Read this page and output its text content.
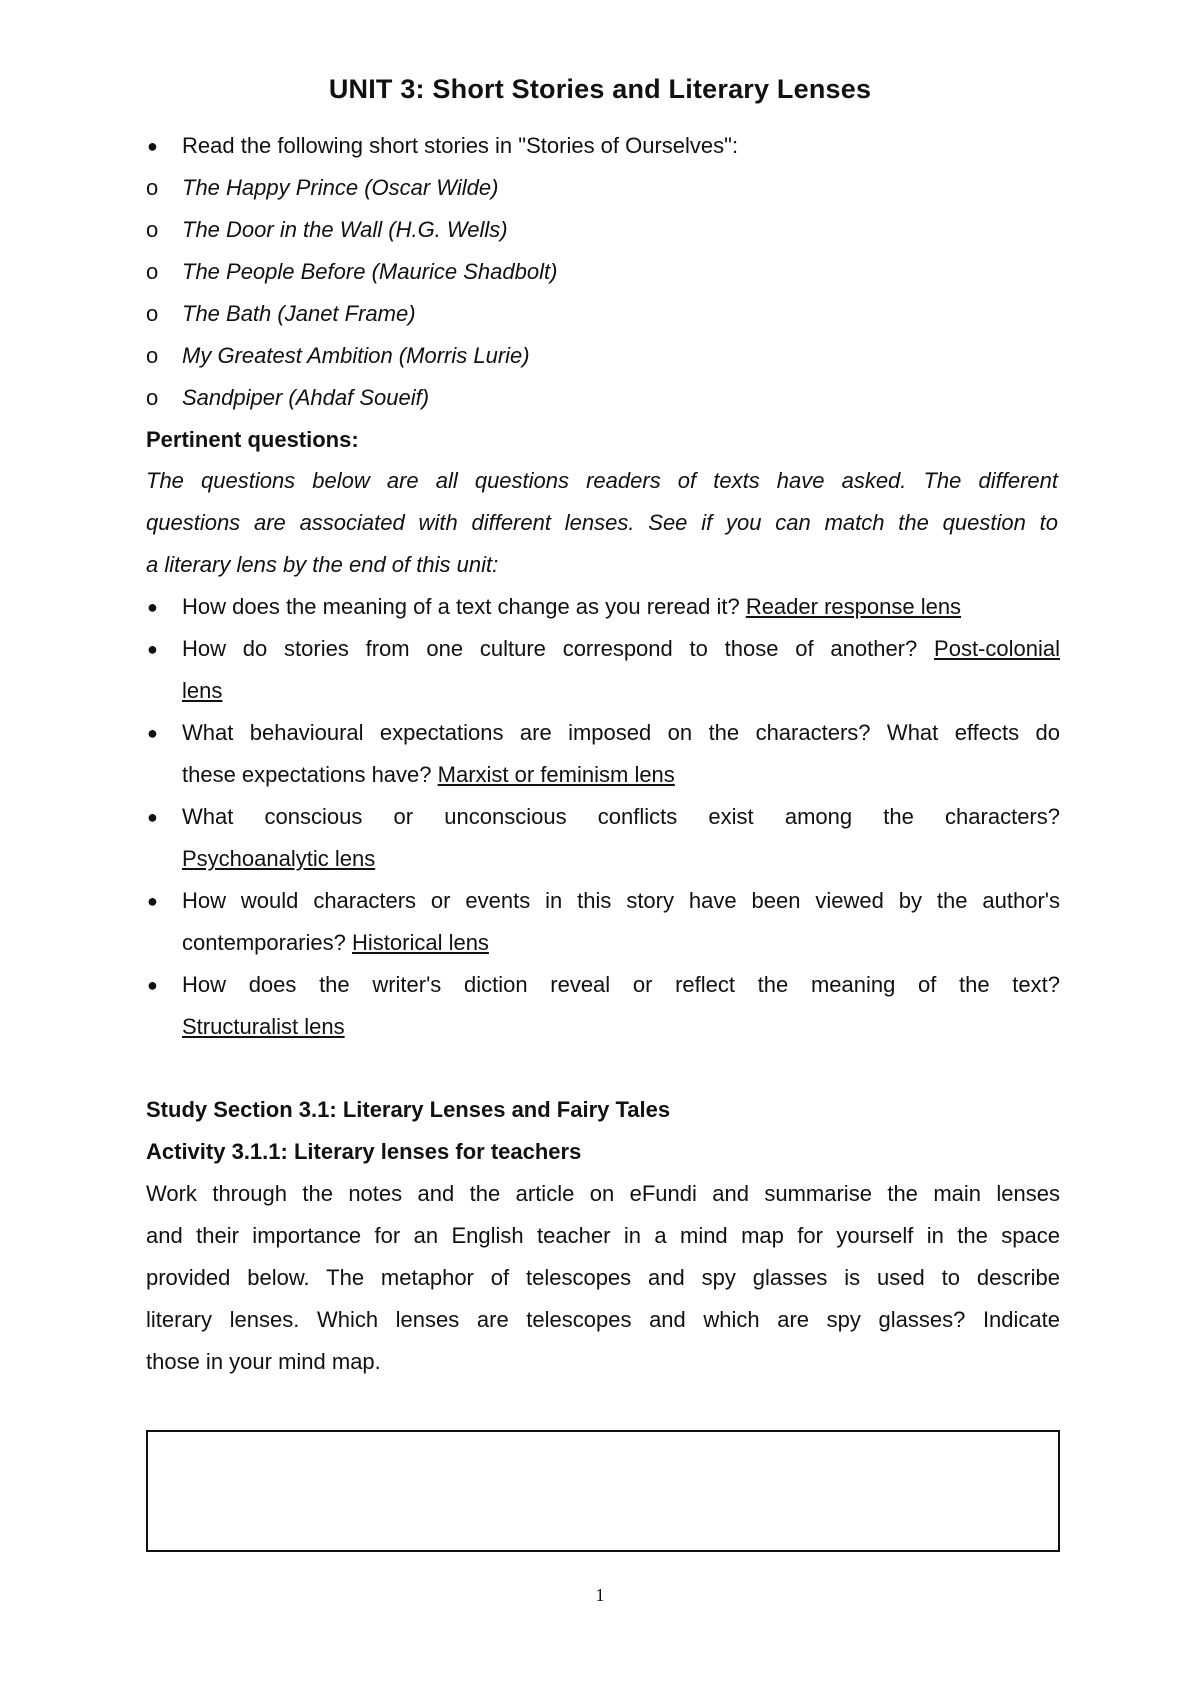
UNIT 3: Short Stories and Literary Lenses
● Read the following short stories in "Stories of Ourselves":
o The Happy Prince (Oscar Wilde)
o The Door in the Wall (H.G. Wells)
o The People Before (Maurice Shadbolt)
o The Bath (Janet Frame)
o My Greatest Ambition (Morris Lurie)
o Sandpiper (Ahdaf Soueif)
Pertinent questions:
The questions below are all questions readers of texts have asked. The different
questions are associated with different lenses. See if you can match the question to
a literary lens by the end of this unit:
● How does the meaning of a text change as you reread it? Reader response lens
● How do stories from one culture correspond to those of another? Post-colonial
lens
● What behavioural expectations are imposed on the characters? What effects do
these expectations have? Marxist or feminism lens
● What conscious or unconscious conflicts exist among the characters?
Psychoanalytic lens
● How would characters or events in this story have been viewed by the author's
contemporaries? Historical lens
● How does the writer's diction reveal or reflect the meaning of the text?
Structuralist lens
Study Section 3.1: Literary Lenses and Fairy Tales
Activity 3.1.1: Literary lenses for teachers
Work through the notes and the article on eFundi and summarise the main lenses
and their importance for an English teacher in a mind map for yourself in the space
provided below. The metaphor of telescopes and spy glasses is used to describe
literary lenses. Which lenses are telescopes and which are spy glasses? Indicate
those in your mind map.
1
